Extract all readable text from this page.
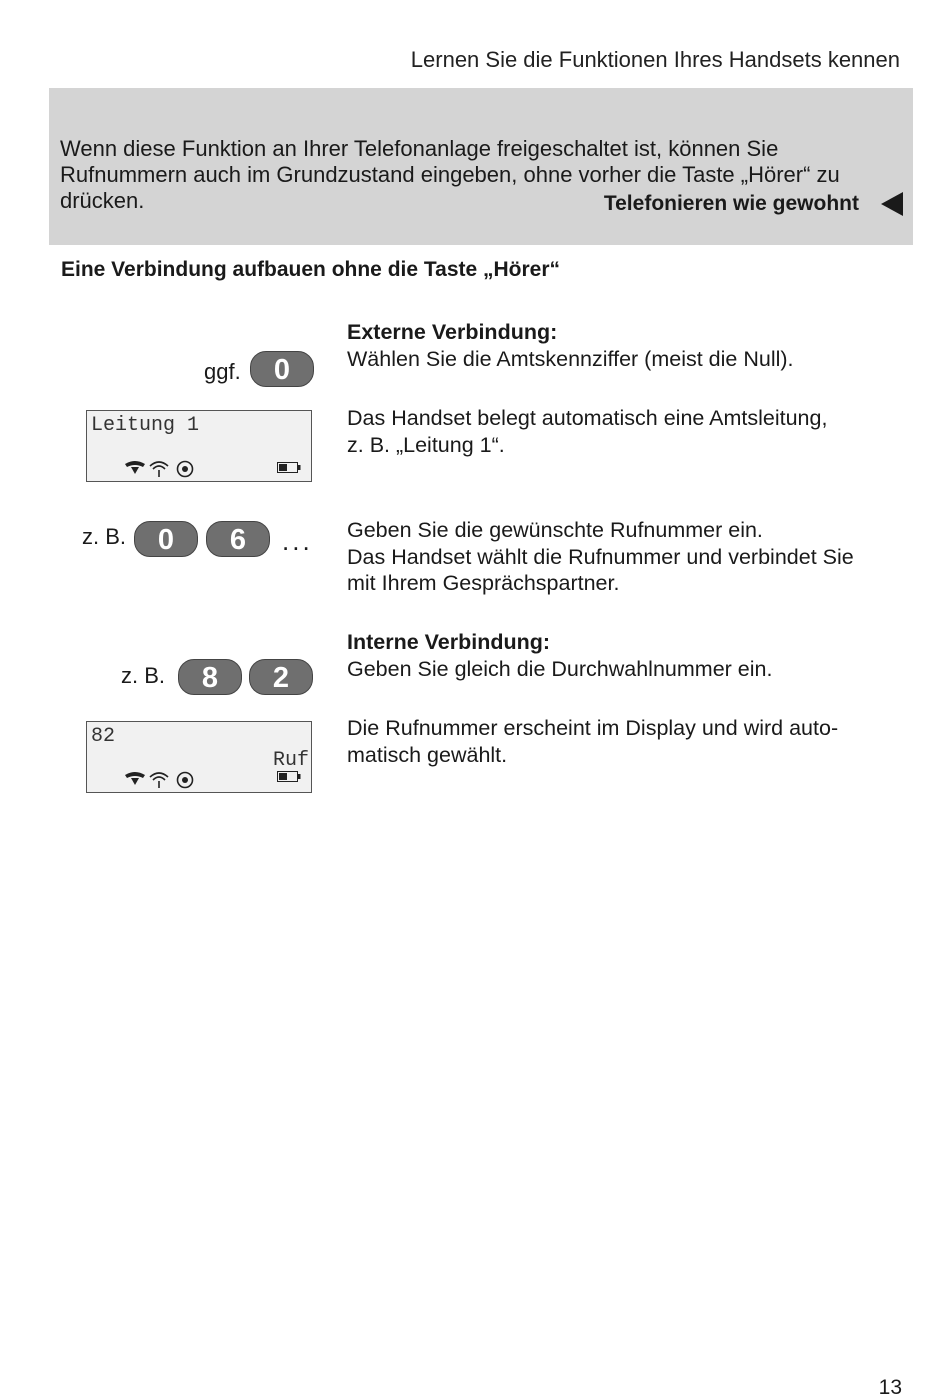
Lernen Sie die Funktionen Ihres Handsets kennen
Telefonieren wie gewohnt
Wenn diese Funktion an Ihrer Telefonanlage freigeschaltet ist, können Sie Rufnummern auch im Grundzustand eingeben, ohne vorher die Taste „Hörer“ zu drücken.
Eine Verbindung aufbauen ohne die Taste „Hörer“
Externe Verbindung:
Wählen Sie die Amtskennziffer (meist die Null).
Das Handset belegt automatisch eine Amtsleitung,
z. B. „Leitung 1“.
Geben Sie die gewünschte Rufnummer ein.
Das Handset wählt die Rufnummer und verbindet Sie
mit Ihrem Gesprächspartner.
ggf.	0
Leitung 1
z. B.	0	6	...
Interne Verbindung:
Geben Sie gleich die Durchwahlnummer ein.
Die Rufnummer erscheint im Display und wird auto-
matisch gewählt.
z. B.	8	2
82
Ruf
13
